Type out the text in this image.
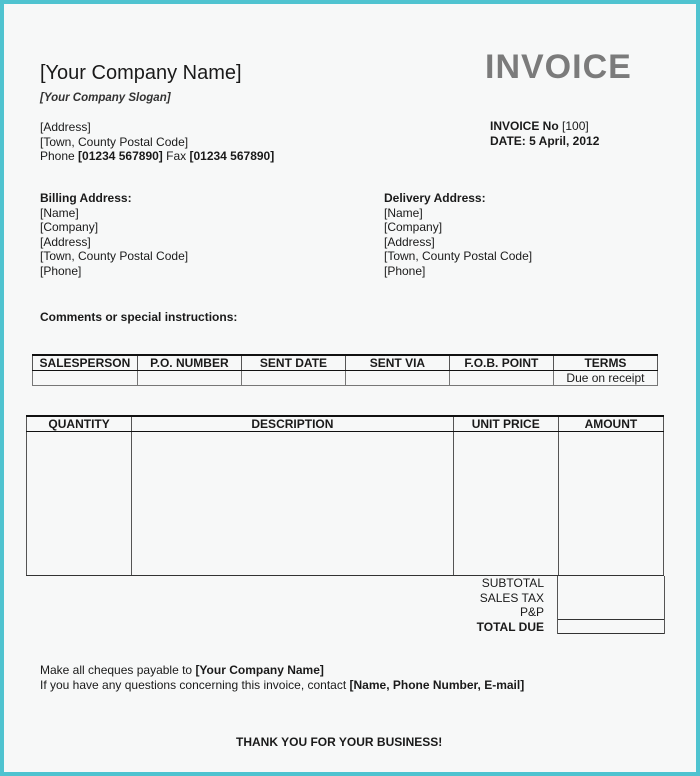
[Your Company Name]
[Your Company Slogan]
INVOICE
[Address]
[Town, County Postal Code]
Phone [01234 567890] Fax [01234 567890]
INVOICE No [100]
DATE: 5 April, 2012
Billing Address:
[Name]
[Company]
[Address]
[Town, County Postal Code]
[Phone]
Delivery Address:
[Name]
[Company]
[Address]
[Town, County Postal Code]
[Phone]
Comments or special instructions:
SALESPERSON	P.O. NUMBER	SENT DATE	SENT VIA	F.O.B. POINT	TERMS
					Due on receipt
QUANTITY	DESCRIPTION	UNIT PRICE	AMOUNT

SUBTOTAL
SALES TAX
P&P
TOTAL DUE
Make all cheques payable to [Your Company Name]
If you have any questions concerning this invoice, contact [Name, Phone Number, E-mail]
THANK YOU FOR YOUR BUSINESS!
